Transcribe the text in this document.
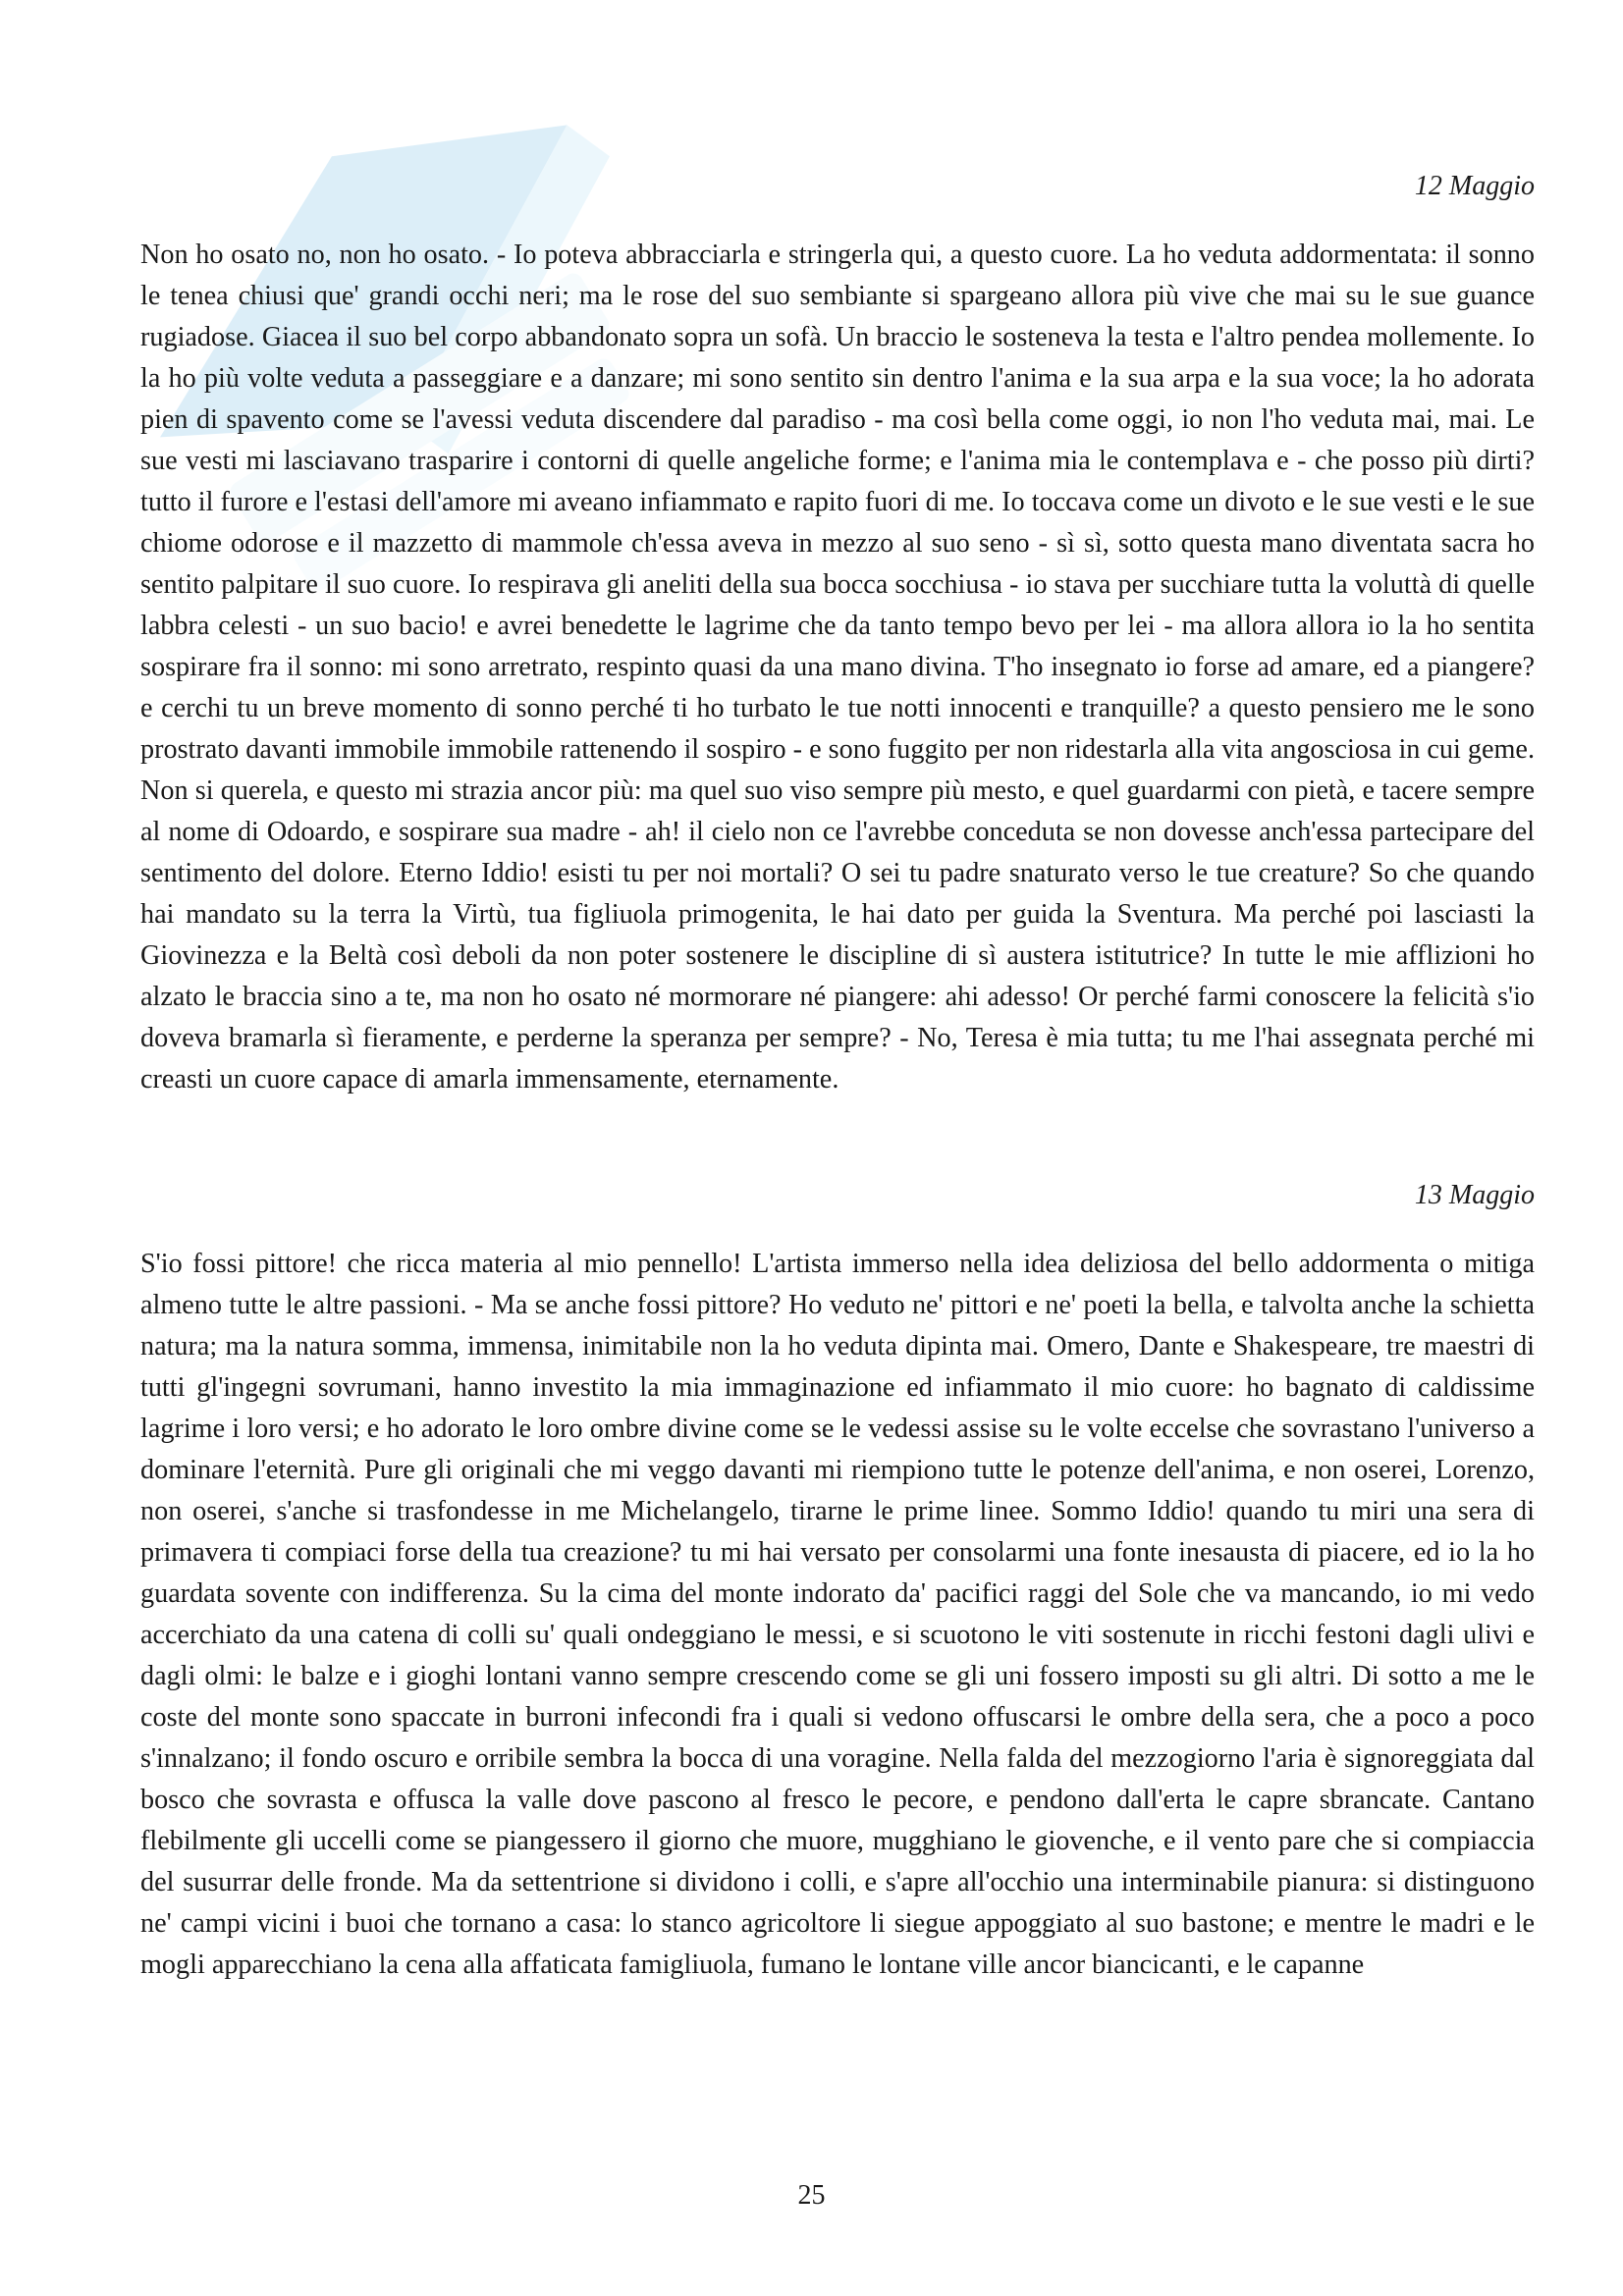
12 Maggio

Non ho osato no, non ho osato. - Io poteva abbracciarla e stringerla qui, a questo cuore. La ho veduta addormentata: il sonno le tenea chiusi que' grandi occhi neri; ma le rose del suo sembiante si spargeano allora più vive che mai su le sue guance rugiadose. Giacea il suo bel corpo abbandonato sopra un sofà. Un braccio le sosteneva la testa e l'altro pendea mollemente. Io la ho più volte veduta a passeggiare e a danzare; mi sono sentito sin dentro l'anima e la sua arpa e la sua voce; la ho adorata pien di spavento come se l'avessi veduta discendere dal paradiso - ma così bella come oggi, io non l'ho veduta mai, mai. Le sue vesti mi lasciavano trasparire i contorni di quelle angeliche forme; e l'anima mia le contemplava e - che posso più dirti? tutto il furore e l'estasi dell'amore mi aveano infiammato e rapito fuori di me. Io toccava come un divoto e le sue vesti e le sue chiome odorose e il mazzetto di mammole ch'essa aveva in mezzo al suo seno - sì sì, sotto questa mano diventata sacra ho sentito palpitare il suo cuore. Io respirava gli aneliti della sua bocca socchiusa - io stava per succhiare tutta la voluttà di quelle labbra celesti - un suo bacio! e avrei benedette le lagrime che da tanto tempo bevo per lei - ma allora allora io la ho sentita sospirare fra il sonno: mi sono arretrato, respinto quasi da una mano divina. T'ho insegnato io forse ad amare, ed a piangere? e cerchi tu un breve momento di sonno perché ti ho turbato le tue notti innocenti e tranquille? a questo pensiero me le sono prostrato davanti immobile immobile rattenendo il sospiro - e sono fuggito per non ridestarla alla vita angosciosa in cui geme. Non si querela, e questo mi strazia ancor più: ma quel suo viso sempre più mesto, e quel guardarmi con pietà, e tacere sempre al nome di Odoardo, e sospirare sua madre - ah! il cielo non ce l'avrebbe conceduta se non dovesse anch'essa partecipare del sentimento del dolore. Eterno Iddio! esisti tu per noi mortali? O sei tu padre snaturato verso le tue creature? So che quando hai mandato su la terra la Virtù, tua figliuola primogenita, le hai dato per guida la Sventura. Ma perché poi lasciasti la Giovinezza e la Beltà così deboli da non poter sostenere le discipline di sì austera istitutrice? In tutte le mie afflizioni ho alzato le braccia sino a te, ma non ho osato né mormorare né piangere: ahi adesso! Or perché farmi conoscere la felicità s'io doveva bramarla sì fieramente, e perderne la speranza per sempre? - No, Teresa è mia tutta; tu me l'hai assegnata perché mi creasti un cuore capace di amarla immensamente, eternamente.

13 Maggio

S'io fossi pittore! che ricca materia al mio pennello! L'artista immerso nella idea deliziosa del bello addormenta o mitiga almeno tutte le altre passioni. - Ma se anche fossi pittore? Ho veduto ne' pittori e ne' poeti la bella, e talvolta anche la schietta natura; ma la natura somma, immensa, inimitabile non la ho veduta dipinta mai. Omero, Dante e Shakespeare, tre maestri di tutti gl'ingegni sovrumani, hanno investito la mia immaginazione ed infiammato il mio cuore: ho bagnato di caldissime lagrime i loro versi; e ho adorato le loro ombre divine come se le vedessi assise su le volte eccelse che sovrastano l'universo a dominare l'eternità. Pure gli originali che mi veggo davanti mi riempiono tutte le potenze dell'anima, e non oserei, Lorenzo, non oserei, s'anche si trasfondesse in me Michelangelo, tirarne le prime linee. Sommo Iddio! quando tu miri una sera di primavera ti compiaci forse della tua creazione? tu mi hai versato per consolarmi una fonte inesausta di piacere, ed io la ho guardata sovente con indifferenza. Su la cima del monte indorato da' pacifici raggi del Sole che va mancando, io mi vedo accerchiato da una catena di colli su' quali ondeggiano le messi, e si scuotono le viti sostenute in ricchi festoni dagli ulivi e dagli olmi: le balze e i gioghi lontani vanno sempre crescendo come se gli uni fossero imposti su gli altri. Di sotto a me le coste del monte sono spaccate in burroni infecondi fra i quali si vedono offuscarsi le ombre della sera, che a poco a poco s'innalzano; il fondo oscuro e orribile sembra la bocca di una voragine. Nella falda del mezzogiorno l'aria è signoreggiata dal bosco che sovrasta e offusca la valle dove pascono al fresco le pecore, e pendono dall'erta le capre sbrancate. Cantano flebilmente gli uccelli come se piangessero il giorno che muore, mugghiano le giovenche, e il vento pare che si compiaccia del susurrar delle fronde. Ma da settentrione si dividono i colli, e s'apre all'occhio una interminabile pianura: si distinguono ne' campi vicini i buoi che tornano a casa: lo stanco agricoltore li siegue appoggiato al suo bastone; e mentre le madri e le mogli apparecchiano la cena alla affaticata famigliuola, fumano le lontane ville ancor biancicanti, e le capanne

25
